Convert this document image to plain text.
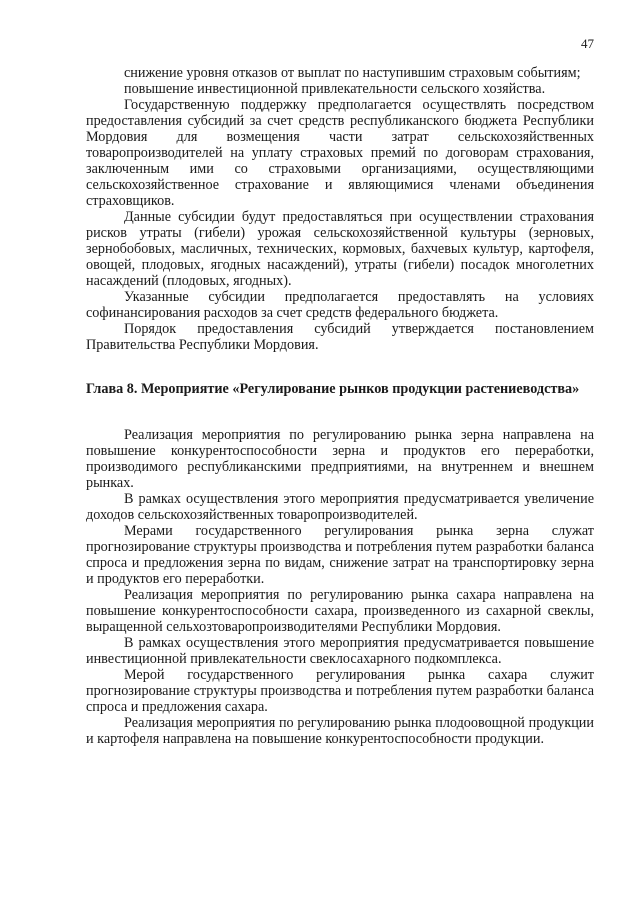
47

снижение уровня отказов от выплат по наступившим страховым событиям;

повышение инвестиционной привлекательности сельского хозяйства.

Государственную поддержку предполагается осуществлять посредством предоставления субсидий за счет средств республиканского бюджета Республики Мордовия для возмещения части затрат сельскохозяйственных товаропроизводителей на уплату страховых премий по договорам страхования, заключенным ими со страховыми организациями, осуществляющими сельскохозяйственное страхование и являющимися членами объединения страховщиков.

Данные субсидии будут предоставляться при осуществлении страхования рисков утраты (гибели) урожая сельскохозяйственной культуры (зерновых, зернобобовых, масличных, технических, кормовых, бахчевых культур, картофеля, овощей, плодовых, ягодных насаждений), утраты (гибели) посадок многолетних насаждений (плодовых, ягодных).

Указанные субсидии предполагается предоставлять на условиях софинансирования расходов за счет средств федерального бюджета.

Порядок предоставления субсидий утверждается постановлением Правительства Республики Мордовия.

Глава 8. Мероприятие «Регулирование рынков продукции растениеводства»

Реализация мероприятия по регулированию рынка зерна направлена на повышение конкурентоспособности зерна и продуктов его переработки, производимого республиканскими предприятиями, на внутреннем и внешнем рынках.

В рамках осуществления этого мероприятия предусматривается увеличение доходов сельскохозяйственных товаропроизводителей.

Мерами государственного регулирования рынка зерна служат прогнозирование структуры производства и потребления путем разработки баланса спроса и предложения зерна по видам, снижение затрат на транспортировку зерна и продуктов его переработки.

Реализация мероприятия по регулированию рынка сахара направлена на повышение конкурентоспособности сахара, произведенного из сахарной свеклы, выращенной сельхозтоваропроизводителями Республики Мордовия.

В рамках осуществления этого мероприятия предусматривается повышение инвестиционной привлекательности свеклосахарного подкомплекса.

Мерой государственного регулирования рынка сахара служит прогнозирование структуры производства и потребления путем разработки баланса спроса и предложения сахара.

Реализация мероприятия по регулированию рынка плодоовощной продукции и картофеля направлена на повышение конкурентоспособности продукции.
